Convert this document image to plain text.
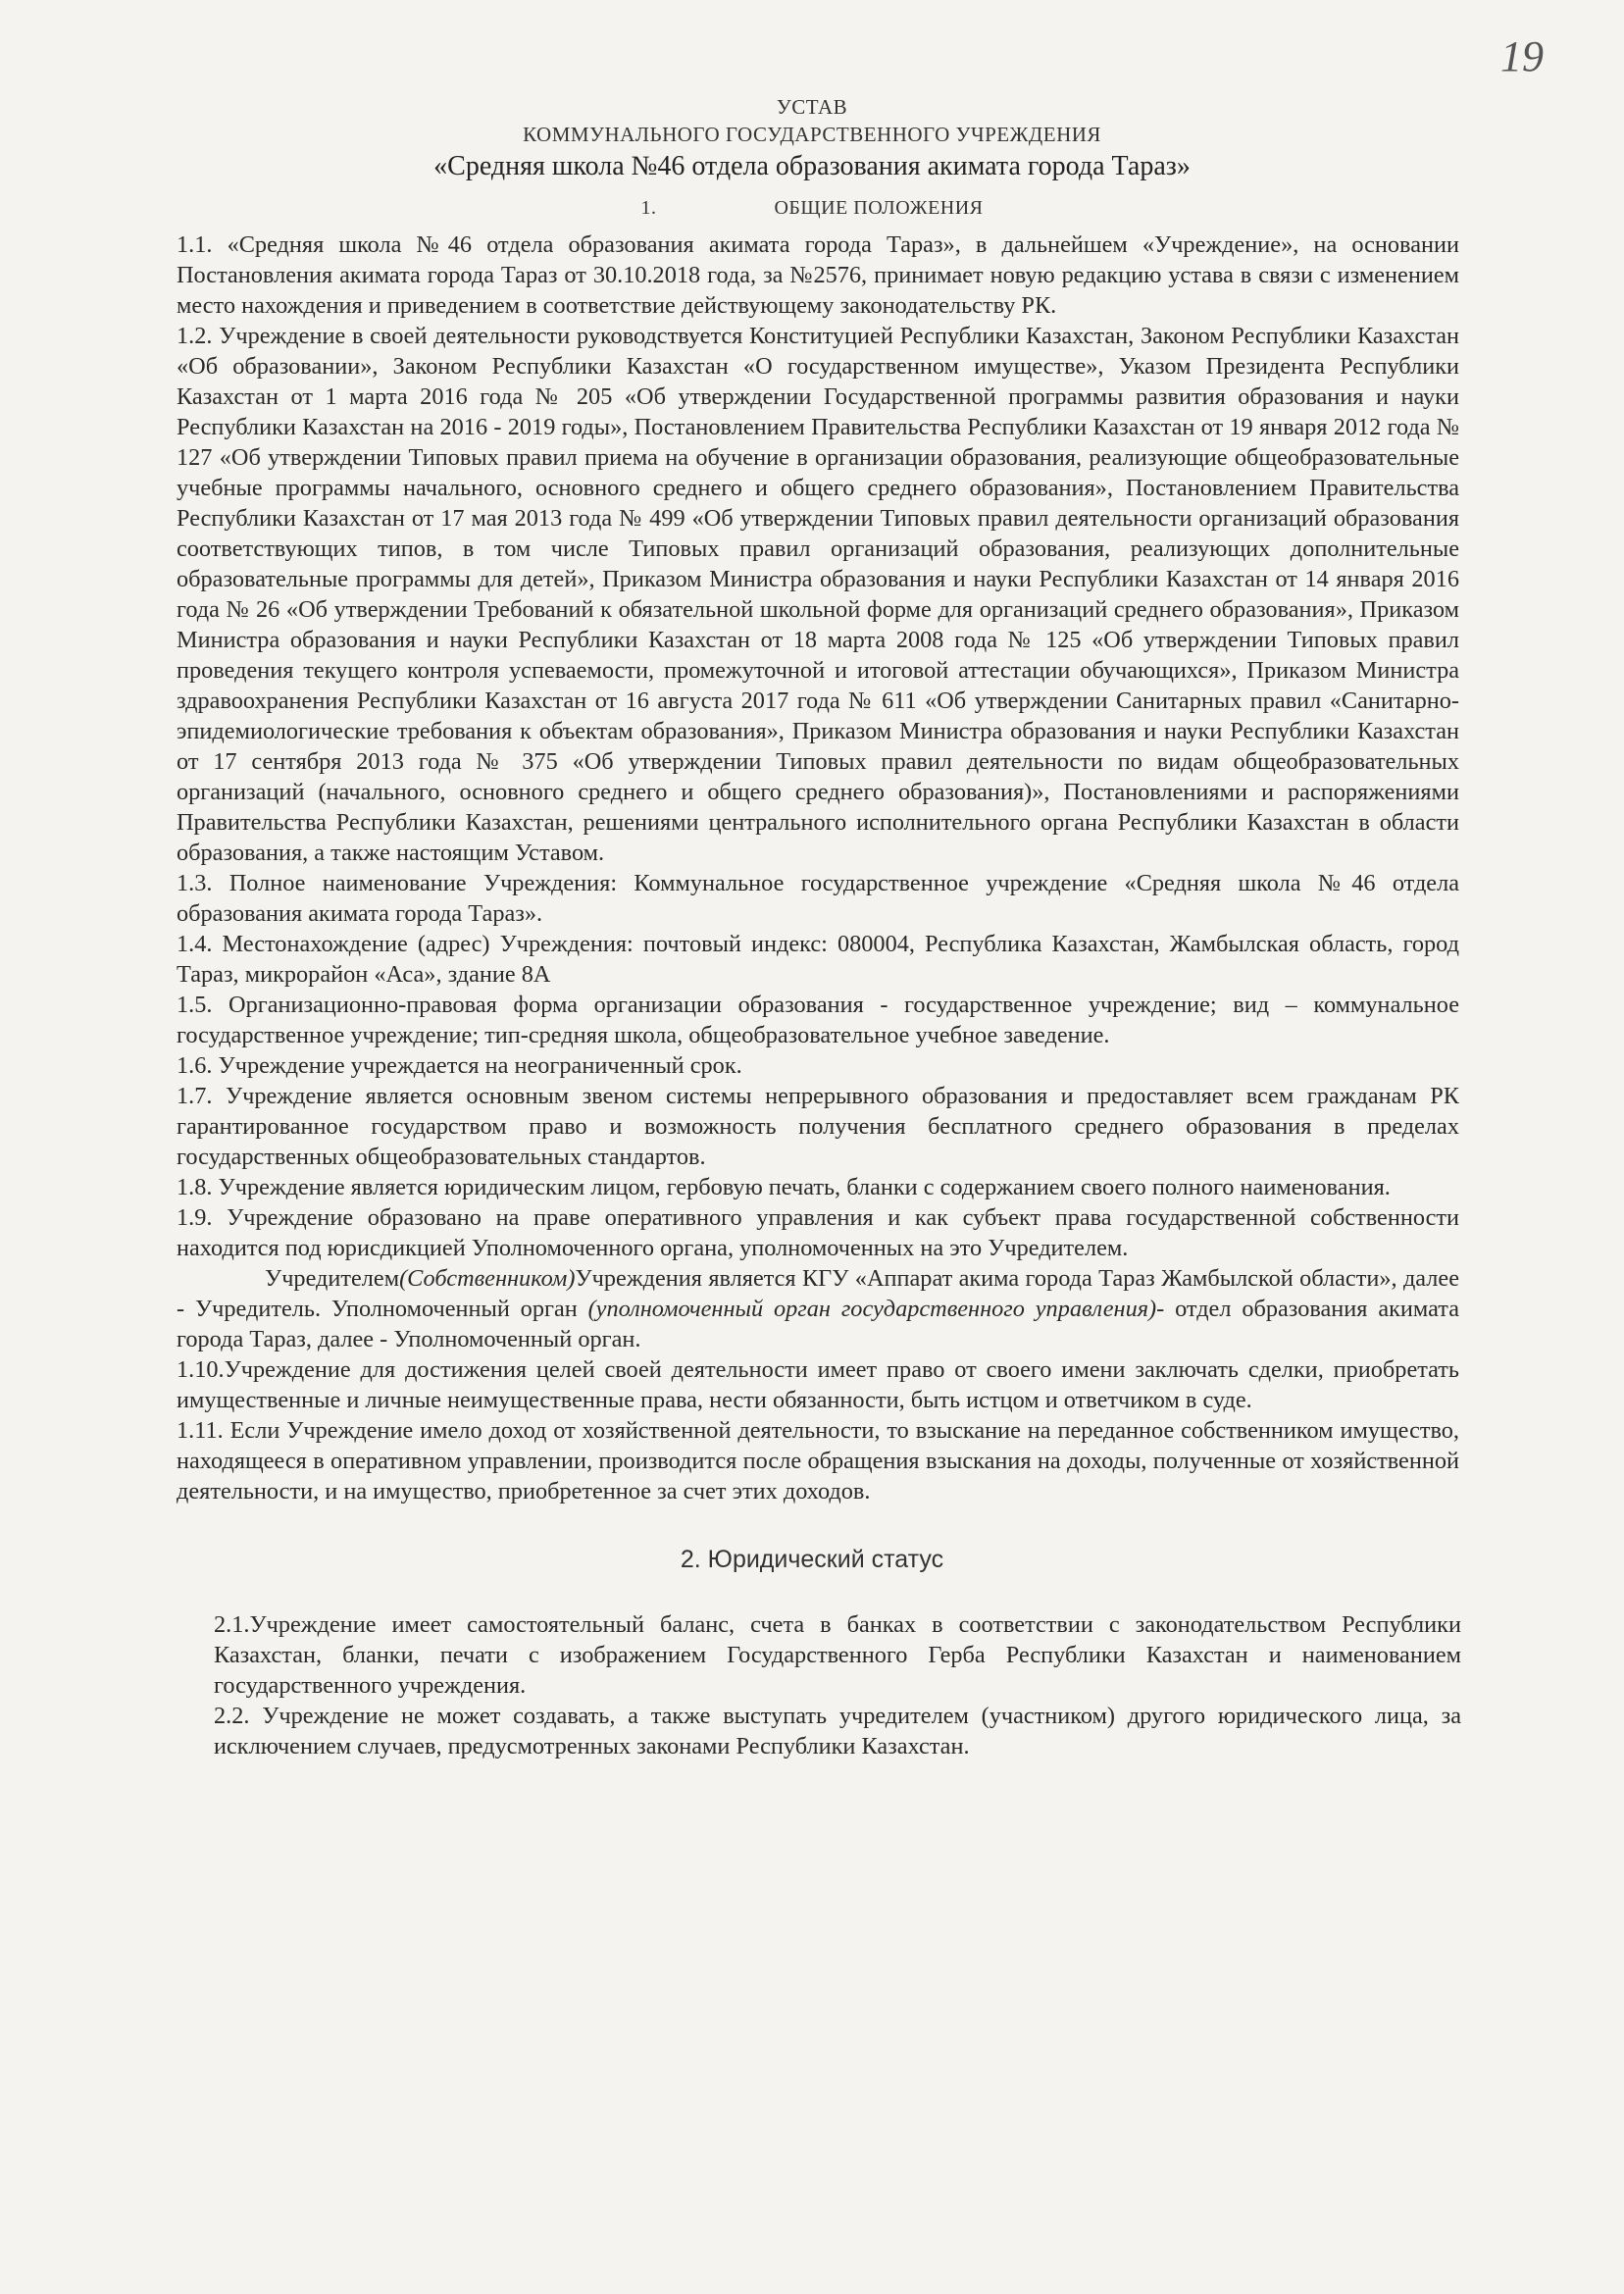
19
УСТАВ
КОММУНАЛЬНОГО ГОСУДАРСТВЕННОГО УЧРЕЖДЕНИЯ
«Средняя школа №46 отдела образования акимата города Тараз»
1.	ОБЩИЕ ПОЛОЖЕНИЯ

1.1. «Средняя школа №46 отдела образования акимата города Тараз», в дальнейшем «Учреждение», на основании Постановления акимата города Тараз от 30.10.2018 года, за №2576, принимает новую редакцию устава в связи с изменением место нахождения и приведением в соответствие действующему законодательству РК.

1.2. Учреждение в своей деятельности руководствуется Конституцией Республики Казахстан, Законом Республики Казахстан «Об образовании», Законом Республики Казахстан «О государственном имуществе», Указом Президента Республики Казахстан от 1 марта 2016 года № 205 «Об утверждении Государственной программы развития образования и науки Республики Казахстан на 2016 - 2019 годы», Постановлением Правительства Республики Казахстан от 19 января 2012 года № 127 «Об утверждении Типовых правил приема на обучение в организации образования, реализующие общеобразовательные учебные программы начального, основного среднего и общего среднего образования», Постановлением Правительства Республики Казахстан от 17 мая 2013 года № 499 «Об утверждении Типовых правил деятельности организаций образования соответствующих типов, в том числе Типовых правил организаций образования, реализующих дополнительные образовательные программы для детей», Приказом Министра образования и науки Республики Казахстан от 14 января 2016 года № 26 «Об утверждении Требований к обязательной школьной форме для организаций среднего образования», Приказом Министра образования и науки Республики Казахстан от 18 марта 2008 года № 125 «Об утверждении Типовых правил проведения текущего контроля успеваемости, промежуточной и итоговой аттестации обучающихся», Приказом Министра здравоохранения Республики Казахстан от 16 августа 2017 года № 611 «Об утверждении Санитарных правил «Санитарно-эпидемиологические требования к объектам образования», Приказом Министра образования и науки Республики Казахстан от 17 сентября 2013 года № 375 «Об утверждении Типовых правил деятельности по видам общеобразовательных организаций (начального, основного среднего и общего среднего образования)», Постановлениями и распоряжениями Правительства Республики Казахстан, решениями центрального исполнительного органа Республики Казахстан в области образования, а также настоящим Уставом.

1.3. Полное наименование Учреждения: Коммунальное государственное учреждение «Средняя школа №46 отдела образования акимата города Тараз».

1.4. Местонахождение (адрес) Учреждения: почтовый индекс: 080004, Республика Казахстан, Жамбылская область, город Тараз, микрорайон «Аса», здание 8А

1.5. Организационно-правовая форма организации образования - государственное учреждение; вид – коммунальное государственное учреждение; тип-средняя школа, общеобразовательное учебное заведение.

1.6. Учреждение учреждается на неограниченный срок.

1.7. Учреждение является основным звеном системы непрерывного образования и предоставляет всем гражданам РК гарантированное государством право и возможность получения бесплатного среднего образования в пределах государственных общеобразовательных стандартов.

1.8. Учреждение является юридическим лицом, гербовую печать, бланки с содержанием своего полного наименования.

1.9. Учреждение образовано на праве оперативного управления и как субъект права государственной собственности находится под юрисдикцией Уполномоченного органа, уполномоченных на это Учредителем.

Учредителем(Собственником)Учреждения является КГУ «Аппарат акима города Тараз Жамбылской области», далее - Учредитель. Уполномоченный орган (уполномоченный орган государственного управления)- отдел образования акимата города Тараз, далее - Уполномоченный орган.

1.10.Учреждение для достижения целей своей деятельности имеет право от своего имени заключать сделки, приобретать имущественные и личные неимущественные права, нести обязанности, быть истцом и ответчиком в суде.

1.11. Если Учреждение имело доход от хозяйственной деятельности, то взыскание на переданное собственником имущество, находящееся в оперативном управлении, производится после обращения взыскания на доходы, полученные от хозяйственной деятельности, и на имущество, приобретенное за счет этих доходов.

2. Юридический статус

2.1.Учреждение имеет самостоятельный баланс, счета в банках в соответствии с законодательством Республики Казахстан, бланки, печати с изображением Государственного Герба Республики Казахстан и наименованием государственного учреждения.

2.2. Учреждение не может создавать, а также выступать учредителем (участником) другого юридического лица, за исключением случаев, предусмотренных законами Республики Казахстан.
